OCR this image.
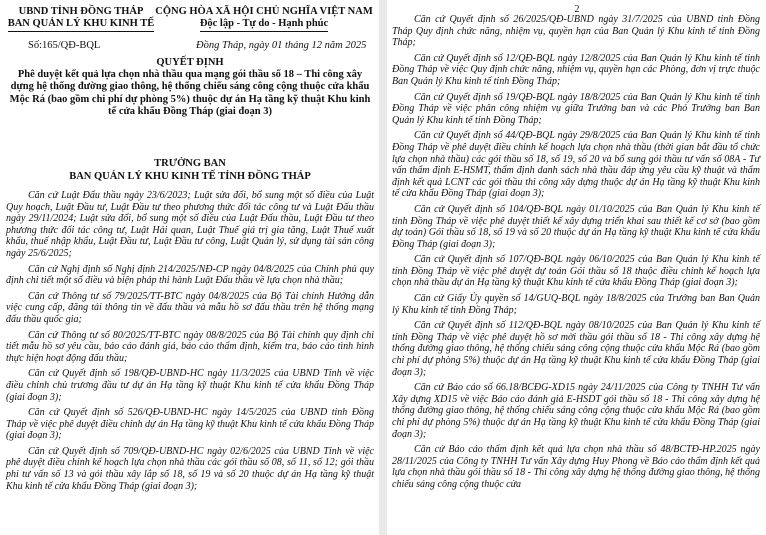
UBND TỈNH ĐỒNG THÁP
BAN QUẢN LÝ KHU KINH TẾ
CỘNG HÒA XÃ HỘI CHỦ NGHĨA VIỆT NAM
Độc lập - Tự do - Hạnh phúc
Số:165/QĐ-BQL	Đồng Tháp, ngày 01 tháng 12 năm 2025
QUYẾT ĐỊNH
Phê duyệt kết quả lựa chọn nhà thầu qua mạng gói thầu số 18 – Thi công xây dựng hệ thống đường giao thông, hệ thống chiếu sáng công cộng thuộc cửa khẩu Mộc Rá (bao gồm chi phí dự phòng 5%) thuộc dự án Hạ tầng kỹ thuật Khu kinh tế cửa khẩu Đồng Tháp (giai đoạn 3)
TRƯỞNG BAN
BAN QUẢN LÝ KHU KINH TẾ TỈNH ĐỒNG THÁP

Căn cứ Luật Đấu thầu ngày 23/6/2023; Luật sửa đổi, bổ sung một số điều của Luật Quy hoạch, Luật Đầu tư, Luật Đầu tư theo phương thức đối tác công tư và Luật Đấu thầu ngày 29/11/2024; Luật sửa đổi, bổ sung một số điều của Luật Đấu thầu, Luật Đầu tư theo phương thức đối tác công tư, Luật Hải quan, Luật Thuế giá trị gia tăng, Luật Thuế xuất khẩu, thuế nhập khẩu, Luật Đầu tư, Luật Đầu tư công, Luật Quản lý, sử dụng tài sản công ngày 25/6/2025;

Căn cứ Nghị định số Nghị định 214/2025/NĐ-CP ngày 04/8/2025 của Chính phủ quy định chi tiết một số điều và biện pháp thi hành Luật Đấu thầu về lựa chọn nhà thầu;

Căn cứ Thông tư số 79/2025/TT-BTC ngày 04/8/2025 của Bộ Tài chính Hướng dẫn việc cung cấp, đăng tải thông tin về đấu thầu và mẫu hồ sơ đấu thầu trên hệ thống mạng đấu thầu quốc gia;

Căn cứ Thông tư số 80/2025/TT-BTC ngày 08/8/2025 của Bộ Tài chính quy định chi tiết mẫu hồ sơ yêu cầu, báo cáo đánh giá, báo cáo thẩm định, kiểm tra, báo cáo tình hình thực hiện hoạt động đấu thầu;

Căn cứ Quyết định số 198/QĐ-UBND-HC ngày 11/3/2025 của UBND Tỉnh về việc điều chỉnh chủ trương đầu tư dự án Hạ tầng kỹ thuật Khu kinh tế cửa khẩu Đồng Tháp (giai đoạn 3);

Căn cứ Quyết định số 526/QĐ-UBND-HC ngày 14/5/2025 của UBND tỉnh Đồng Tháp về việc phê duyệt điều chỉnh dự án Hạ tầng kỹ thuật Khu kinh tế cửa khẩu Đồng Tháp (giai đoạn 3);

Căn cứ Quyết định số 709/QĐ-UBND-HC ngày 02/6/2025 của UBND Tỉnh về việc phê duyệt điều chỉnh kế hoạch lựa chọn nhà thầu các gói thầu số 08, số 11, số 12; gói thầu phi tư vấn số 13 và gói thầu xây lắp số 18, số 19 và số 20 thuộc dự án Hạ tầng kỹ thuật Khu kinh tế cửa khẩu Đồng Tháp (giai đoạn 3);

2

Căn cứ Quyết định số 26/2025/QĐ-UBND ngày 31/7/2025 của UBND tỉnh Đồng Tháp Quy định chức năng, nhiệm vụ, quyền hạn của Ban Quản lý Khu kinh tế tỉnh Đồng Tháp;

Căn cứ Quyết định số 12/QĐ-BQL ngày 12/8/2025 của Ban Quản lý Khu kinh tế tỉnh Đồng Tháp về việc Quy định chức năng, nhiệm vụ, quyền hạn các Phòng, đơn vị trực thuộc Ban Quản lý Khu kinh tế tỉnh Đồng Tháp;

Căn cứ Quyết định số 19/QĐ-BQL ngày 18/8/2025 của Ban Quản lý Khu kinh tế tỉnh Đồng Tháp về việc phân công nhiệm vụ giữa Trưởng ban và các Phó Trưởng ban Ban Quản lý Khu kinh tế tỉnh Đồng Tháp;

Căn cứ Quyết định số 44/QĐ-BQL ngày 29/8/2025 của Ban Quản lý Khu kinh tế tỉnh Đồng Tháp về phê duyệt điều chỉnh kế hoạch lựa chọn nhà thầu (thời gian bắt đầu tổ chức lựa chọn nhà thầu) các gói thầu số 18, số 19, số 20 và bổ sung gói thầu tư vấn số 08A - Tư vấn thẩm định E-HSMT, thẩm định danh sách nhà thầu đáp ứng yêu cầu kỹ thuật và thẩm định kết quả LCNT các gói thầu thi công xây dựng thuộc dự án Hạ tầng kỹ thuật Khu kinh tế cửa khẩu Đồng Tháp (giai đoạn 3);

Căn cứ Quyết định số 104/QĐ-BQL ngày 01/10/2025 của Ban Quản lý Khu kinh tế tỉnh Đồng Tháp về việc phê duyệt thiết kế xây dựng triển khai sau thiết kế cơ sở (bao gồm dự toán) Gói thầu số 18, số 19 và số 20 thuộc dự án Hạ tầng kỹ thuật Khu kinh tế cửa khẩu Đồng Tháp (giai đoạn 3);

Căn cứ Quyết định số 107/QĐ-BQL ngày 06/10/2025 của Ban Quản lý Khu kinh tế tỉnh Đồng Tháp về việc phê duyệt dự toán Gói thầu số 18 thuộc điều chỉnh kế hoạch lựa chọn nhà thầu dự án Hạ tầng kỹ thuật Khu kinh tế cửa khẩu Đồng Tháp (giai đoạn 3);

Căn cứ Giấy Ủy quyền số 14/GUQ-BQL ngày 18/8/2025 của Trưởng ban Ban Quản lý Khu kinh tế tỉnh Đồng Tháp;

Căn cứ Quyết định số 112/QĐ-BQL ngày 08/10/2025 của Ban Quản lý Khu kinh tế tỉnh Đồng Tháp về việc phê duyệt hồ sơ mời thầu gói thầu số 18 - Thi công xây dựng hệ thống đường giao thông, hệ thống chiếu sáng công cộng thuộc cửa khẩu Mộc Rá (bao gồm chi phí dự phòng 5%) thuộc dự án Hạ tầng kỹ thuật Khu kinh tế cửa khẩu Đồng Tháp (giai đoạn 3);

Căn cứ Báo cáo số 66.18/BCĐG-XD15 ngày 24/11/2025 của Công ty TNHH Tư vấn Xây dựng XD15 về việc Báo cáo đánh giá E-HSDT gói thầu số 18 - Thi công xây dựng hệ thống đường giao thông, hệ thống chiếu sáng công cộng thuộc cửa khẩu Mộc Rá (bao gồm chi phí dự phòng 5%) thuộc dự án Hạ tầng kỹ thuật Khu kinh tế cửa khẩu Đồng Tháp (giai đoạn 3);

Căn cứ Báo cáo thẩm định kết quả lựa chọn nhà thầu số 48/BCTĐ-HP.2025 ngày 28/11/2025 của Công ty TNHH Tư vấn Xây dựng Huy Phong về Báo cáo thẩm định kết quả lựa chọn nhà thầu gói thầu số 18 - Thi công xây dựng hệ thống đường giao thông, hệ thống chiếu sáng công cộng thuộc cửa
